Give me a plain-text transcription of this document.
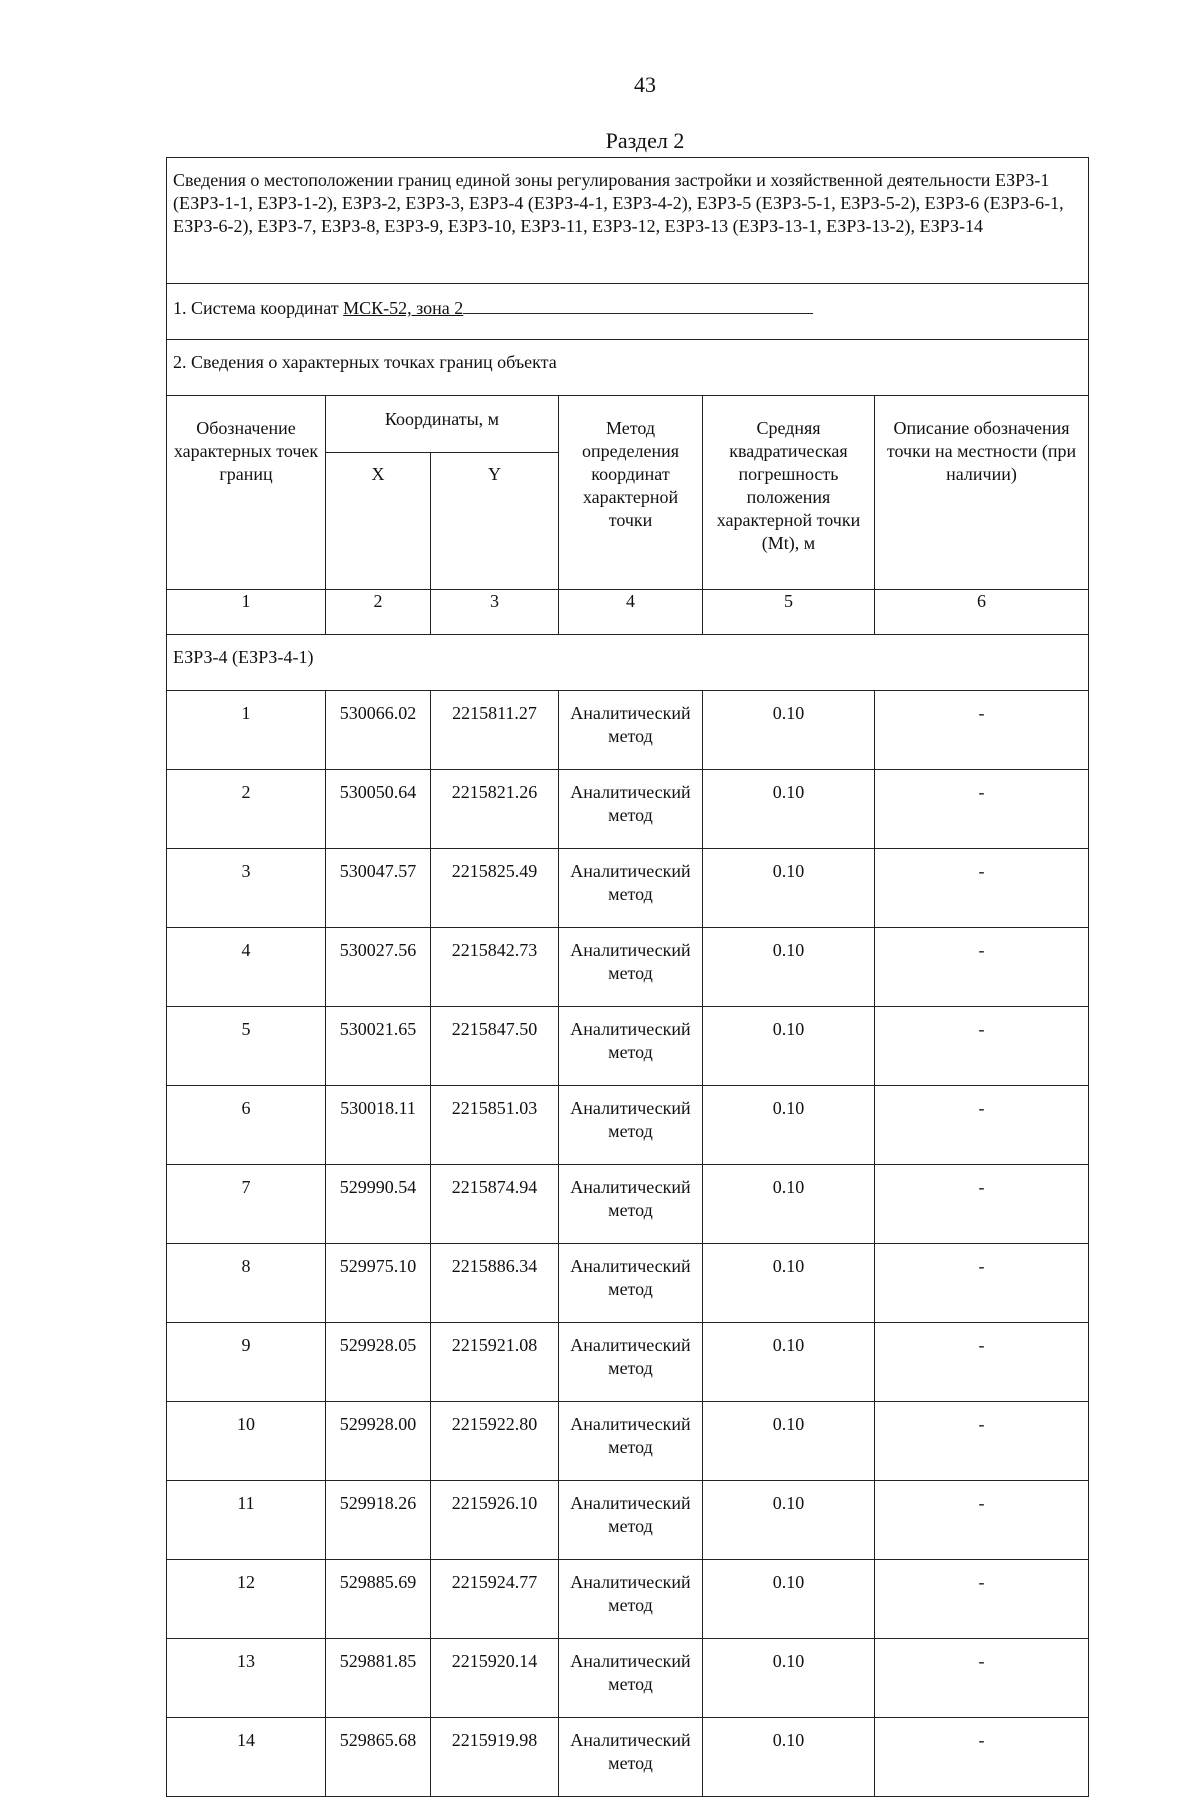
43
Раздел 2
Сведения о местоположении границ единой зоны регулирования застройки и хозяйственной деятельности ЕЗРЗ-1 (ЕЗРЗ-1-1, ЕЗРЗ-1-2), ЕЗРЗ-2, ЕЗРЗ-3, ЕЗРЗ-4 (ЕЗРЗ-4-1, ЕЗРЗ-4-2), ЕЗРЗ-5 (ЕЗРЗ-5-1, ЕЗРЗ-5-2), ЕЗРЗ-6 (ЕЗРЗ-6-1, ЕЗРЗ-6-2), ЕЗРЗ-7, ЕЗРЗ-8, ЕЗРЗ-9, ЕЗРЗ-10, ЕЗРЗ-11, ЕЗРЗ-12, ЕЗРЗ-13 (ЕЗРЗ-13-1, ЕЗРЗ-13-2), ЕЗРЗ-14					
1. Система координат МСК-52, зона 2					
2. Сведения о характерных точках границ объекта					
Обозначение характерных точек границ	Координаты, м		Метод определения координат характерной точки	Средняя квадратическая погрешность положения характерной точки (Mt), м	Описание обозначения точки на местности (при наличии)
	X	Y			
1	2	3	4	5	6
ЕЗРЗ-4 (ЕЗРЗ-4-1)					
1	530066.02	2215811.27	Аналитический метод	0.10	-
2	530050.64	2215821.26	Аналитический метод	0.10	-
3	530047.57	2215825.49	Аналитический метод	0.10	-
4	530027.56	2215842.73	Аналитический метод	0.10	-
5	530021.65	2215847.50	Аналитический метод	0.10	-
6	530018.11	2215851.03	Аналитический метод	0.10	-
7	529990.54	2215874.94	Аналитический метод	0.10	-
8	529975.10	2215886.34	Аналитический метод	0.10	-
9	529928.05	2215921.08	Аналитический метод	0.10	-
10	529928.00	2215922.80	Аналитический метод	0.10	-
11	529918.26	2215926.10	Аналитический метод	0.10	-
12	529885.69	2215924.77	Аналитический метод	0.10	-
13	529881.85	2215920.14	Аналитический метод	0.10	-
14	529865.68	2215919.98	Аналитический метод	0.10	-
